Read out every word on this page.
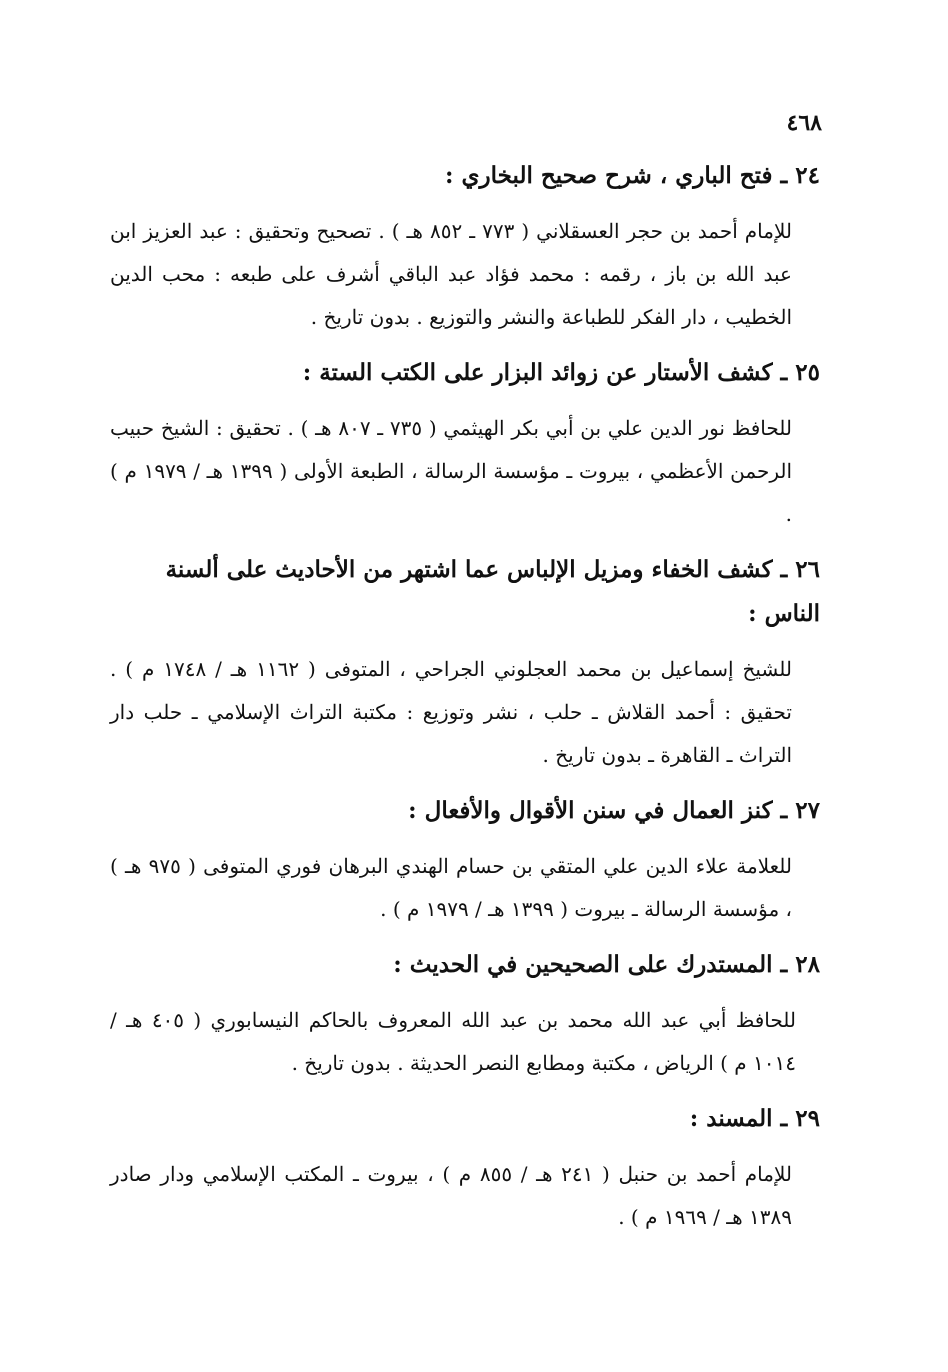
٤٦٨
٢٤ ـ فتح الباري ، شرح صحيح البخاري :
للإمام أحمد بن حجر العسقلاني ( ٧٧٣ ـ ٨٥٢ هـ ) . تصحيح وتحقيق : عبد العزيز ابن عبد الله بن باز ، رقمه : محمد فؤاد عبد الباقي أشرف على طبعه : محب الدين الخطيب ، دار الفكر للطباعة والنشر والتوزيع . بدون تاريخ .
٢٥ ـ كشف الأستار عن زوائد البزار على الكتب الستة :
للحافظ نور الدين علي بن أبي بكر الهيثمي ( ٧٣٥ ـ ٨٠٧ هـ ) . تحقيق : الشيخ حبيب الرحمن الأعظمي ، بيروت ـ مؤسسة الرسالة ، الطبعة الأولى ( ١٣٩٩ هـ / ١٩٧٩ م ) .
٢٦ ـ كشف الخفاء ومزيل الإلباس عما اشتهر من الأحاديث على ألسنة الناس :
للشيخ إسماعيل بن محمد العجلوني الجراحي ، المتوفى ( ١١٦٢ هـ / ١٧٤٨ م ) . تحقيق : أحمد القلاش ـ حلب ، نشر وتوزيع : مكتبة التراث الإسلامي ـ حلب دار التراث ـ القاهرة ـ بدون تاريخ .
٢٧ ـ كنز العمال في سنن الأقوال والأفعال :
للعلامة علاء الدين علي المتقي بن حسام الهندي البرهان فوري المتوفى ( ٩٧٥ هـ ) ، مؤسسة الرسالة ـ بيروت ( ١٣٩٩ هـ / ١٩٧٩ م ) .
٢٨ ـ المستدرك على الصحيحين في الحديث :
للحافظ أبي عبد الله محمد بن عبد الله المعروف بالحاكم النيسابوري ( ٤٠٥ هـ / ١٠١٤ م ) الرياض ، مكتبة ومطابع النصر الحديثة . بدون تاريخ .
٢٩ ـ المسند :
للإمام أحمد بن حنبل ( ٢٤١ هـ / ٨٥٥ م ) ، بيروت ـ المكتب الإسلامي ودار صادر ١٣٨٩ هـ / ١٩٦٩ م ) .
